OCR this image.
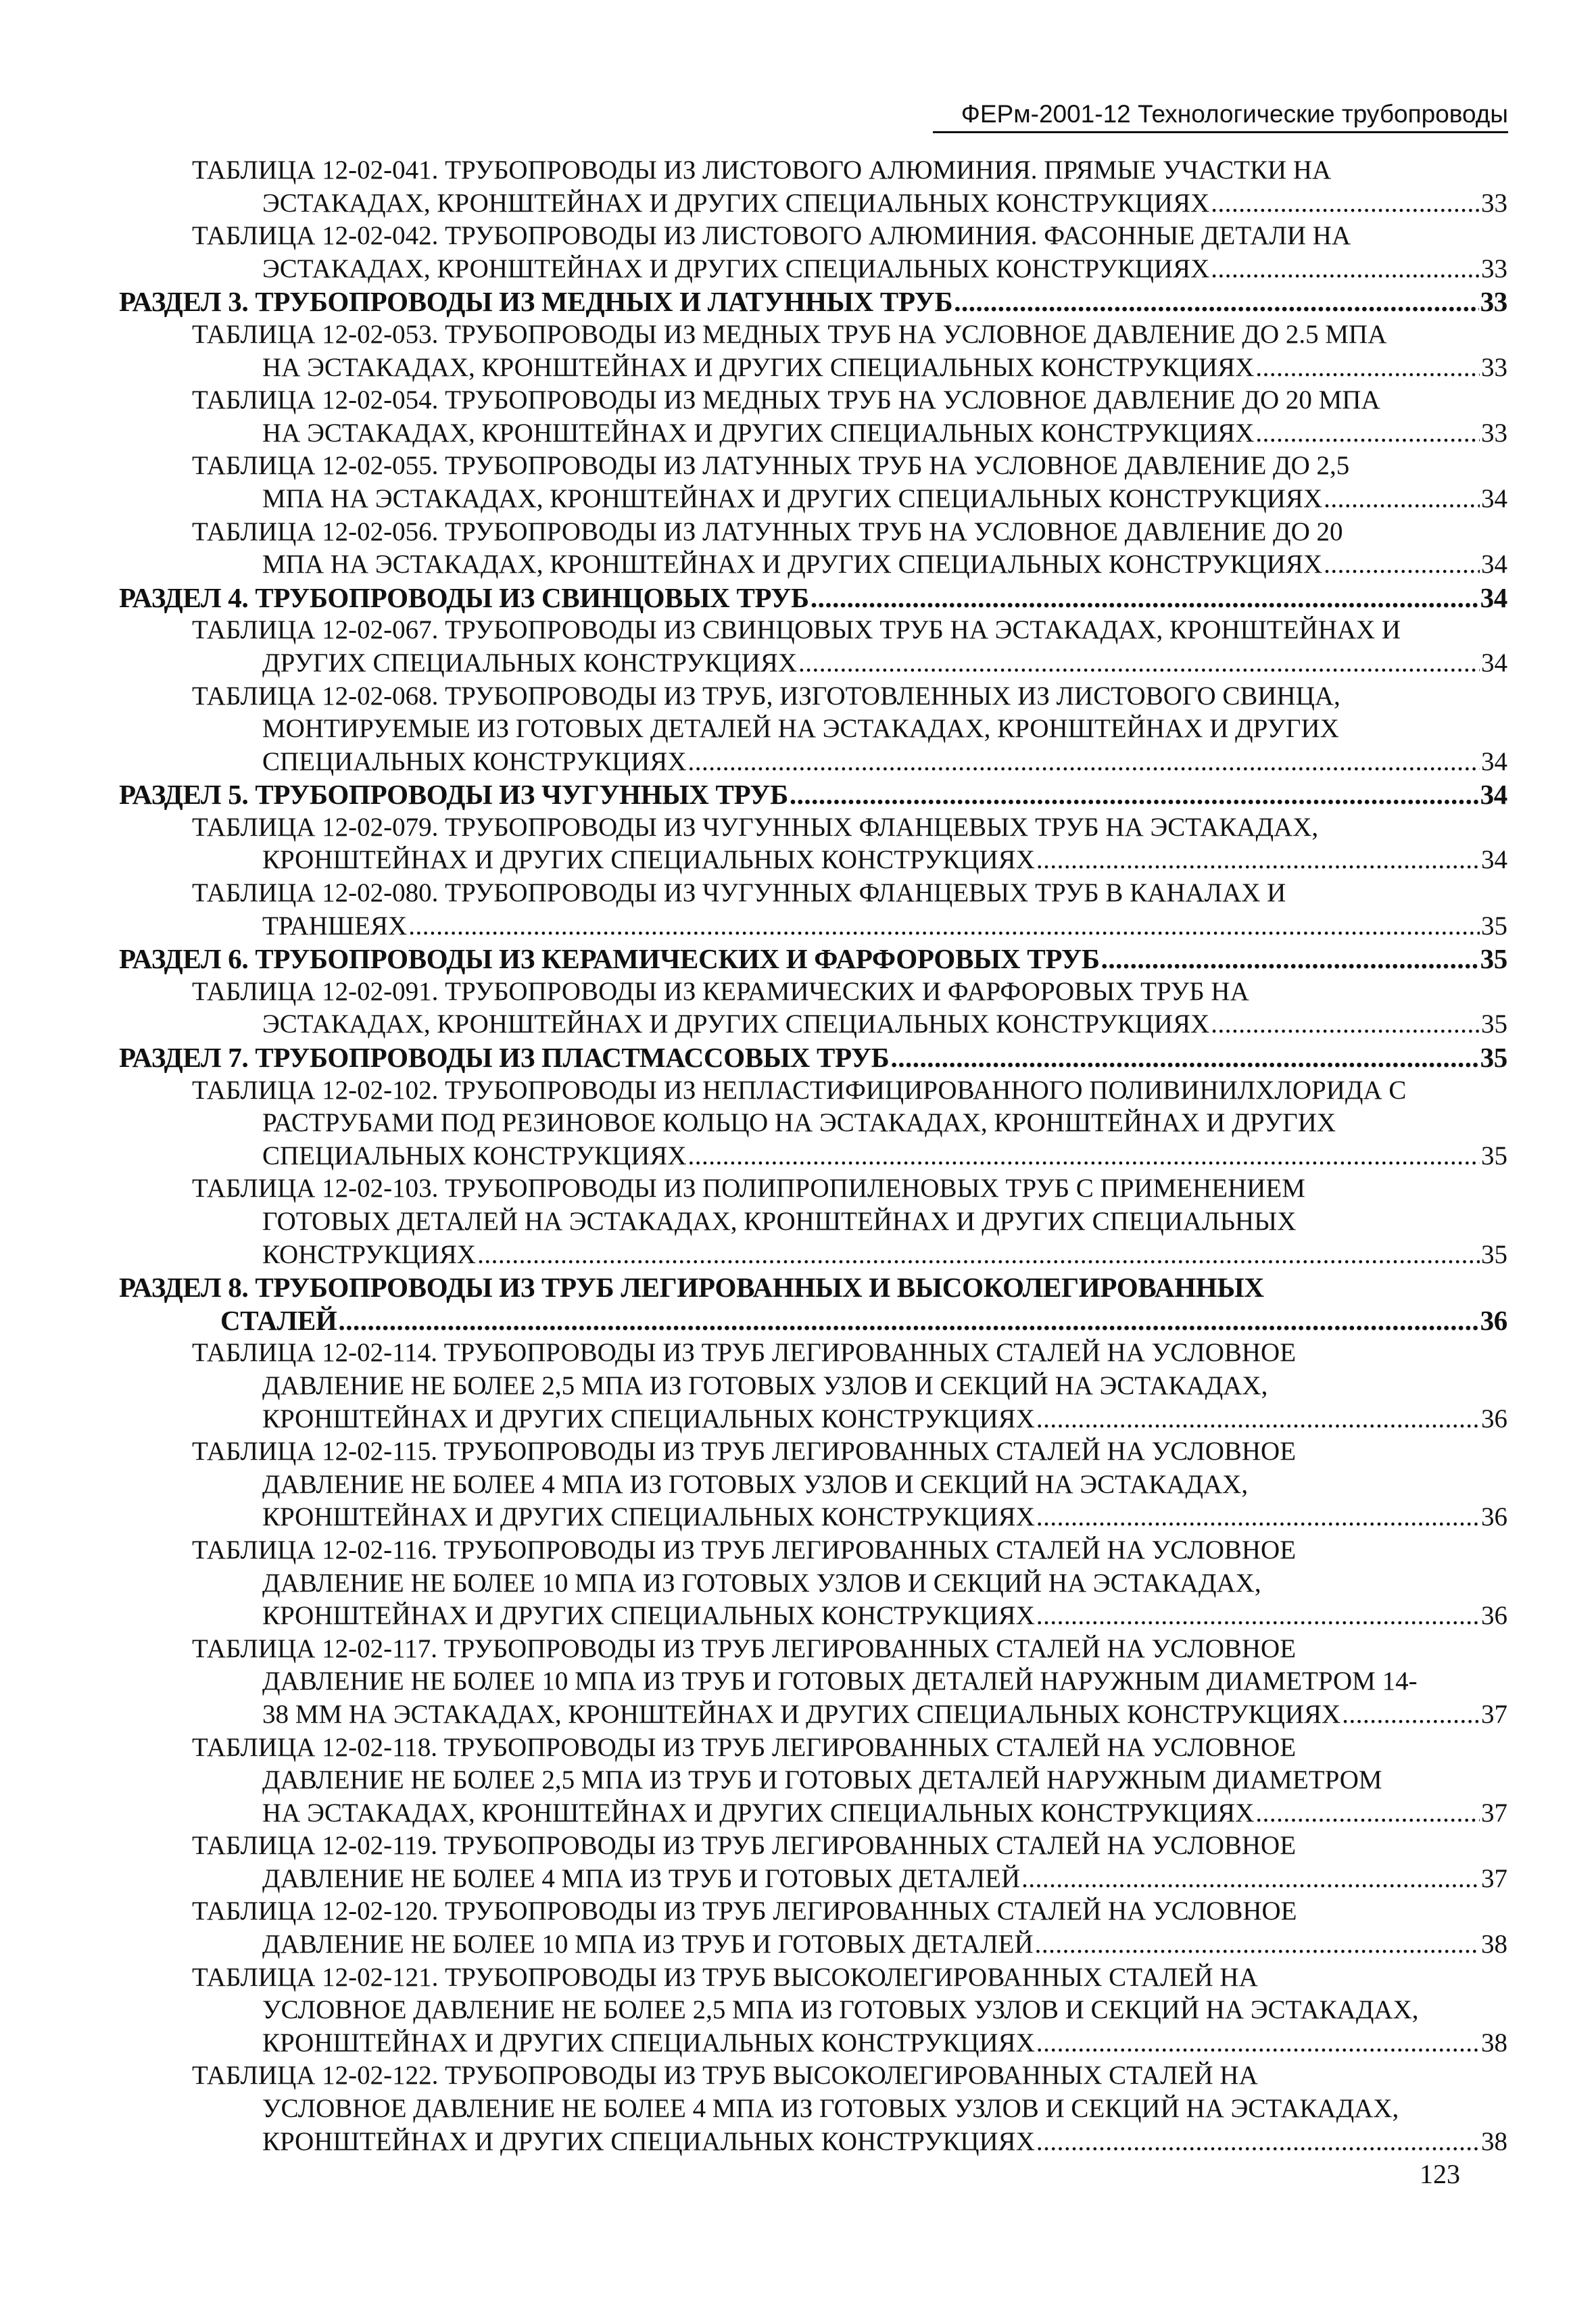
ФЕРм-2001-12 Технологические трубопроводы
ТАБЛИЦА 12-02-041. ТРУБОПРОВОДЫ ИЗ ЛИСТОВОГО АЛЮМИНИЯ. ПРЯМЫЕ УЧАСТКИ НА
ЭСТАКАДАХ, КРОНШТЕЙНАХ И ДРУГИХ СПЕЦИАЛЬНЫХ КОНСТРУКЦИЯХ .....	33
ТАБЛИЦА 12-02-042. ТРУБОПРОВОДЫ ИЗ ЛИСТОВОГО АЛЮМИНИЯ. ФАСОННЫЕ ДЕТАЛИ НА
ЭСТАКАДАХ, КРОНШТЕЙНАХ И ДРУГИХ СПЕЦИАЛЬНЫХ КОНСТРУКЦИЯХ .....	33
РАЗДЕЛ 3. ТРУБОПРОВОДЫ ИЗ МЕДНЫХ И ЛАТУННЫХ ТРУБ .....	33
ТАБЛИЦА 12-02-053. ТРУБОПРОВОДЫ ИЗ МЕДНЫХ ТРУБ НА УСЛОВНОЕ ДАВЛЕНИЕ ДО 2.5 МПА
НА ЭСТАКАДАХ, КРОНШТЕЙНАХ И ДРУГИХ СПЕЦИАЛЬНЫХ КОНСТРУКЦИЯХ .....	33
ТАБЛИЦА 12-02-054. ТРУБОПРОВОДЫ ИЗ МЕДНЫХ ТРУБ НА УСЛОВНОЕ ДАВЛЕНИЕ ДО 20 МПА
НА ЭСТАКАДАХ, КРОНШТЕЙНАХ И ДРУГИХ СПЕЦИАЛЬНЫХ КОНСТРУКЦИЯХ .....	33
ТАБЛИЦА 12-02-055. ТРУБОПРОВОДЫ ИЗ ЛАТУННЫХ ТРУБ НА УСЛОВНОЕ ДАВЛЕНИЕ ДО 2,5
МПА НА ЭСТАКАДАХ, КРОНШТЕЙНАХ И ДРУГИХ СПЕЦИАЛЬНЫХ КОНСТРУКЦИЯХ .....	34
ТАБЛИЦА 12-02-056. ТРУБОПРОВОДЫ ИЗ ЛАТУННЫХ ТРУБ НА УСЛОВНОЕ ДАВЛЕНИЕ ДО 20
МПА НА ЭСТАКАДАХ, КРОНШТЕЙНАХ И ДРУГИХ СПЕЦИАЛЬНЫХ КОНСТРУКЦИЯХ .....	34
РАЗДЕЛ 4. ТРУБОПРОВОДЫ ИЗ СВИНЦОВЫХ ТРУБ .....	34
ТАБЛИЦА 12-02-067. ТРУБОПРОВОДЫ ИЗ СВИНЦОВЫХ ТРУБ НА ЭСТАКАДАХ, КРОНШТЕЙНАХ И
ДРУГИХ СПЕЦИАЛЬНЫХ КОНСТРУКЦИЯХ .....	34
ТАБЛИЦА 12-02-068. ТРУБОПРОВОДЫ ИЗ ТРУБ, ИЗГОТОВЛЕННЫХ ИЗ ЛИСТОВОГО СВИНЦА,
МОНТИРУЕМЫЕ ИЗ ГОТОВЫХ ДЕТАЛЕЙ НА ЭСТАКАДАХ, КРОНШТЕЙНАХ И ДРУГИХ
СПЕЦИАЛЬНЫХ КОНСТРУКЦИЯХ .....	34
РАЗДЕЛ 5. ТРУБОПРОВОДЫ ИЗ ЧУГУННЫХ ТРУБ .....	34
ТАБЛИЦА 12-02-079. ТРУБОПРОВОДЫ ИЗ ЧУГУННЫХ ФЛАНЦЕВЫХ ТРУБ НА ЭСТАКАДАХ,
КРОНШТЕЙНАХ И ДРУГИХ СПЕЦИАЛЬНЫХ КОНСТРУКЦИЯХ .....	34
ТАБЛИЦА 12-02-080. ТРУБОПРОВОДЫ ИЗ ЧУГУННЫХ ФЛАНЦЕВЫХ ТРУБ В КАНАЛАХ И
ТРАНШЕЯХ .....	35
РАЗДЕЛ 6. ТРУБОПРОВОДЫ ИЗ КЕРАМИЧЕСКИХ И ФАРФОРОВЫХ ТРУБ .....	35
ТАБЛИЦА 12-02-091. ТРУБОПРОВОДЫ ИЗ КЕРАМИЧЕСКИХ И ФАРФОРОВЫХ ТРУБ НА
ЭСТАКАДАХ, КРОНШТЕЙНАХ И ДРУГИХ СПЕЦИАЛЬНЫХ КОНСТРУКЦИЯХ .....	35
РАЗДЕЛ 7. ТРУБОПРОВОДЫ ИЗ ПЛАСТМАССОВЫХ ТРУБ .....	35
ТАБЛИЦА 12-02-102. ТРУБОПРОВОДЫ ИЗ НЕПЛАСТИФИЦИРОВАННОГО ПОЛИВИНИЛХЛОРИДА С
РАСТРУБАМИ ПОД РЕЗИНОВОЕ КОЛЬЦО НА ЭСТАКАДАХ, КРОНШТЕЙНАХ И ДРУГИХ
СПЕЦИАЛЬНЫХ КОНСТРУКЦИЯХ .....	35
ТАБЛИЦА 12-02-103. ТРУБОПРОВОДЫ ИЗ ПОЛИПРОПИЛЕНОВЫХ ТРУБ С ПРИМЕНЕНИЕМ
ГОТОВЫХ ДЕТАЛЕЙ НА ЭСТАКАДАХ, КРОНШТЕЙНАХ И ДРУГИХ СПЕЦИАЛЬНЫХ
КОНСТРУКЦИЯХ .....	35
РАЗДЕЛ 8. ТРУБОПРОВОДЫ ИЗ ТРУБ ЛЕГИРОВАННЫХ И ВЫСОКОЛЕГИРОВАННЫХ
СТАЛЕЙ .....	36
ТАБЛИЦА 12-02-114. ТРУБОПРОВОДЫ ИЗ ТРУБ ЛЕГИРОВАННЫХ СТАЛЕЙ НА УСЛОВНОЕ
ДАВЛЕНИЕ НЕ БОЛЕЕ 2,5 МПА ИЗ ГОТОВЫХ УЗЛОВ И СЕКЦИЙ НА ЭСТАКАДАХ,
КРОНШТЕЙНАХ И ДРУГИХ СПЕЦИАЛЬНЫХ КОНСТРУКЦИЯХ .....	36
ТАБЛИЦА 12-02-115. ТРУБОПРОВОДЫ ИЗ ТРУБ ЛЕГИРОВАННЫХ СТАЛЕЙ НА УСЛОВНОЕ
ДАВЛЕНИЕ НЕ БОЛЕЕ 4 МПА ИЗ ГОТОВЫХ УЗЛОВ И СЕКЦИЙ НА ЭСТАКАДАХ,
КРОНШТЕЙНАХ И ДРУГИХ СПЕЦИАЛЬНЫХ КОНСТРУКЦИЯХ .....	36
ТАБЛИЦА 12-02-116. ТРУБОПРОВОДЫ ИЗ ТРУБ ЛЕГИРОВАННЫХ СТАЛЕЙ НА УСЛОВНОЕ
ДАВЛЕНИЕ НЕ БОЛЕЕ 10 МПА ИЗ ГОТОВЫХ УЗЛОВ И СЕКЦИЙ НА ЭСТАКАДАХ,
КРОНШТЕЙНАХ И ДРУГИХ СПЕЦИАЛЬНЫХ КОНСТРУКЦИЯХ .....	36
ТАБЛИЦА 12-02-117. ТРУБОПРОВОДЫ ИЗ ТРУБ ЛЕГИРОВАННЫХ СТАЛЕЙ НА УСЛОВНОЕ
ДАВЛЕНИЕ НЕ БОЛЕЕ 10 МПА ИЗ ТРУБ И ГОТОВЫХ ДЕТАЛЕЙ НАРУЖНЫМ ДИАМЕТРОМ 14-
38 ММ НА ЭСТАКАДАХ, КРОНШТЕЙНАХ И ДРУГИХ СПЕЦИАЛЬНЫХ КОНСТРУКЦИЯХ .....	37
ТАБЛИЦА 12-02-118. ТРУБОПРОВОДЫ ИЗ ТРУБ ЛЕГИРОВАННЫХ СТАЛЕЙ НА УСЛОВНОЕ
ДАВЛЕНИЕ НЕ БОЛЕЕ 2,5 МПА ИЗ ТРУБ И ГОТОВЫХ ДЕТАЛЕЙ НАРУЖНЫМ ДИАМЕТРОМ
НА ЭСТАКАДАХ, КРОНШТЕЙНАХ И ДРУГИХ СПЕЦИАЛЬНЫХ КОНСТРУКЦИЯХ .....	37
ТАБЛИЦА 12-02-119. ТРУБОПРОВОДЫ ИЗ ТРУБ ЛЕГИРОВАННЫХ СТАЛЕЙ НА УСЛОВНОЕ
ДАВЛЕНИЕ НЕ БОЛЕЕ 4 МПА ИЗ ТРУБ И ГОТОВЫХ ДЕТАЛЕЙ .....	37
ТАБЛИЦА 12-02-120. ТРУБОПРОВОДЫ ИЗ ТРУБ ЛЕГИРОВАННЫХ СТАЛЕЙ НА УСЛОВНОЕ
ДАВЛЕНИЕ НЕ БОЛЕЕ 10 МПА ИЗ ТРУБ И ГОТОВЫХ ДЕТАЛЕЙ .....	38
ТАБЛИЦА 12-02-121. ТРУБОПРОВОДЫ ИЗ ТРУБ ВЫСОКОЛЕГИРОВАННЫХ СТАЛЕЙ НА
УСЛОВНОЕ ДАВЛЕНИЕ НЕ БОЛЕЕ 2,5 МПА ИЗ ГОТОВЫХ УЗЛОВ И СЕКЦИЙ НА ЭСТАКАДАХ,
КРОНШТЕЙНАХ И ДРУГИХ СПЕЦИАЛЬНЫХ КОНСТРУКЦИЯХ .....	38
ТАБЛИЦА 12-02-122. ТРУБОПРОВОДЫ ИЗ ТРУБ ВЫСОКОЛЕГИРОВАННЫХ СТАЛЕЙ НА
УСЛОВНОЕ ДАВЛЕНИЕ НЕ БОЛЕЕ 4 МПА ИЗ ГОТОВЫХ УЗЛОВ И СЕКЦИЙ НА ЭСТАКАДАХ,
КРОНШТЕЙНАХ И ДРУГИХ СПЕЦИАЛЬНЫХ КОНСТРУКЦИЯХ .....	38
123
